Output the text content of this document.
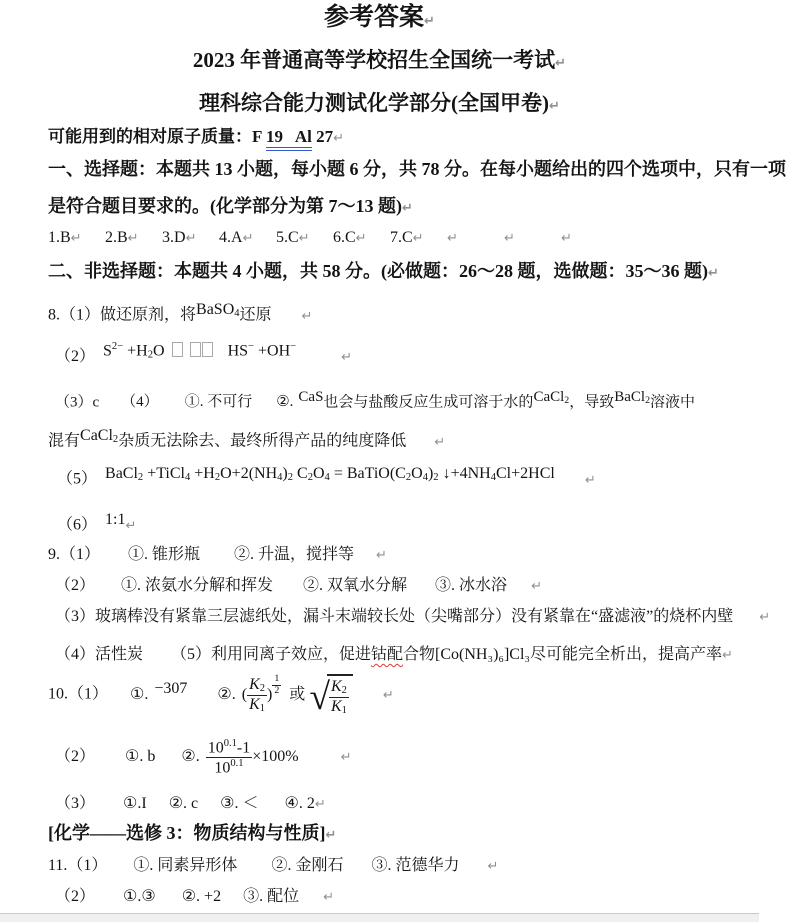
参考答案↵
2023 年普通高等学校招生全国统一考试↵
理科综合能力测试化学部分(全国甲卷)↵
可能用到的相对原子质量：F 19   Al 27↵
一、选择题：本题共 13 小题，每小题 6 分，共 78 分。在每小题给出的四个选项中，只有一项
是符合题目要求的。(化学部分为第 7～13 题)↵
1.B↵ 2.B↵ 3.D↵ 4.A↵ 5.C↵ 6.C↵ 7.C↵ ↵	↵	↵
二、非选择题：本题共 4 小题，共 58 分。(必做题：26～28 题，选做题：35～36 题)↵
8.（1）做还原剂，将BaSO4还原 ↵
（2） $S^{2-} +H2O$	HS− +OH−↵
（3）c （4） ①. 不可行 ②. CaS也会与盐酸反应生成可溶于水的CaCl2，导致BaCl2溶液中
混有CaCl2杂质无法除去、最终所得产品的纯度降低 ↵
（5） BaCl2 +TiCl4 +H2O+2(NH4)2 C2O4 = BaTiO(C2O4)2 ↓+4NH4Cl+2HCl ↵
（6） 1:1↵
9.（1） ①. 锥形瓶 ②. 升温，搅拌等 ↵
（2） ①. 浓氨水分解和挥发 ②. 双氧水分解 ③. 冰水浴 ↵
（3）玻璃棒没有紧靠三层滤纸处，漏斗末端较长处（尖嘴部分）没有紧靠在“盛滤液”的烧杯内壁 ↵
（4）活性炭 （5）利用同离子效应，促进钴配合物[Co(NH₃)₆]Cl₃尽可能完全析出，提高产率↵
10.（1） ①. −307 ②. ( $\frac{K2}{K1}$ ) $\frac{1}{2}$ 或 √ $\frac{K2}{K1}$	↵
（2） ①. b ②. $\frac{10^{0.1}-1}{10^{0.1}} \times 100\%$	↵
（3） ①.I ②. c ③. ＜ ④. 2↵
[化学——选修 3：物质结构与性质]↵
11.（1） ①. 同素异形体 ②. 金刚石 ③. 范德华力 ↵
（2） ①.③ ②. +2 ③. 配位 ↵
